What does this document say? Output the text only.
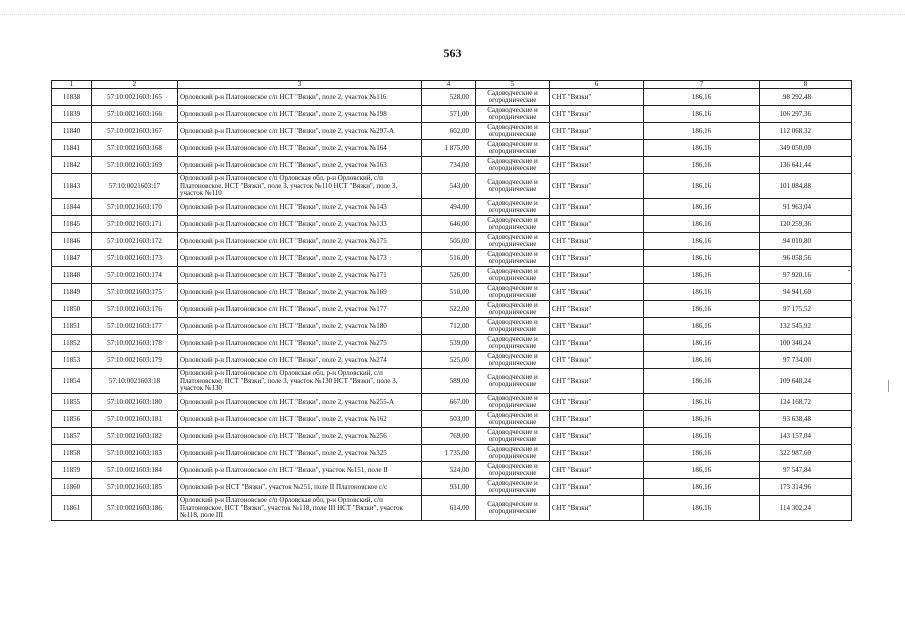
563
1	2	3	4	5	6	7	8
11838	57:10:0021603:165	Орловский р-н Платоновское с/п НСТ "Вязки", поле 2, участок №116	528,00	Садоводческие и огороднические	СНТ "Вязки"	186,16	98 292,48
11839	57:10:0021603:166	Орловский р-н Платоновское с/п НСТ "Вязки", поле 2, участок №198	571,00	Садоводческие и огороднические	СНТ "Вязки"	186,16	106 297,36
11840	57:10:0021603:167	Орловский р-н Платоновское с/п НСТ "Вязки", поле 2, участок №297-А	602,00	Садоводческие и огороднические	СНТ "Вязки"	186,16	112 068,32
11841	57:10:0021603:168	Орловский р-н Платоновское с/п НСТ "Вязки", поле 2, участок №164	1 875,00	Садоводческие и огороднические	СНТ "Вязки"	186,16	349 050,00
11842	57:10:0021603:169	Орловский р-н Платоновское с/п НСТ "Вязки", поле 2, участок №163	734,00	Садоводческие и огороднические	СНТ "Вязки"	186,16	136 641,44
11843	57:10:0021603:17	Орловский р-н Платоновское с/п Орловская обл, р-н Орловский, с/п Платоновское, НСТ "Вязки", поле 3, участок №110 НСТ "Вязки", поле 3, участок №110	543,00	Садоводческие и огороднические	СНТ "Вязки"	186,16	101 084,88
11844	57:10:0021603:170	Орловский р-н Платоновское с/п НСТ "Вязки", поле 2, участок №143	494,00	Садоводческие и огороднические	СНТ "Вязки"	186,16	91 963,04
11845	57:10:0021603:171	Орловский р-н Платоновское с/п НСТ "Вязки", поле 2, участок №133	646,00	Садоводческие и огороднические	СНТ "Вязки"	186,16	120 259,36
11846	57:10:0021603:172	Орловский р-н Платоновское с/п НСТ "Вязки", поле 2, участок №175	505,00	Садоводческие и огороднические	СНТ "Вязки"	186,16	94 010,80
11847	57:10:0021603:173	Орловский р-н Платоновское с/п НСТ "Вязки", поле 2, участок №173	516,00	Садоводческие и огороднические	СНТ "Вязки"	186,16	96 058,56
11848	57:10:0021603:174	Орловский р-н Платоновское с/п НСТ "Вязки", поле 2, участок №171	526,00	Садоводческие и огороднические	СНТ "Вязки"	186,16	97 920,16
11849	57:10:0021603:175	Орловский р-н Платоновское с/п НСТ "Вязки", поле 2, участок №169	510,00	Садоводческие и огороднические	СНТ "Вязки"	186,16	94 941,60
11850	57:10:0021603:176	Орловский р-н Платоновское с/п НСТ "Вязки", поле 2, участок №177	522,00	Садоводческие и огороднические	СНТ "Вязки"	186,16	97 175,52
11851	57:10:0021603:177	Орловский р-н Платоновское с/п НСТ "Вязки", поле 2, участок №180	712,00	Садоводческие и огороднические	СНТ "Вязки"	186,16	132 545,92
11852	57:10:0021603:178	Орловский р-н Платоновское с/п НСТ "Вязки", поле 2, участок №275	539,00	Садоводческие и огороднические	СНТ "Вязки"	186,16	100 340,24
11853	57:10:0021603:179	Орловский р-н Платоновское с/п НСТ "Вязки", поле 2, участок №274	525,00	Садоводческие и огороднические	СНТ "Вязки"	186,16	97 734,00
11854	57:10:0021603:18	Орловский р-н Платоновское с/п Орловская обл, р-н Орловский, с/п Платоновское, НСТ "Вязки", поле 3, участок №130 НСТ "Вязки", поле 3, участок №130	589,00	Садоводческие и огороднические	СНТ "Вязки"	186,16	109 648,24
11855	57:10:0021603:180	Орловский р-н Платоновское с/п НСТ "Вязки", поле 2, участок №255-А	667,00	Садоводческие и огороднические	СНТ "Вязки"	186,16	124 168,72
11856	57:10:0021603:181	Орловский р-н Платоновское с/п НСТ "Вязки", поле 2, участок №162	503,00	Садоводческие и огороднические	СНТ "Вязки"	186,16	93 638,48
11857	57:10:0021603:182	Орловский р-н Платоновское с/п НСТ "Вязки", поле 2, участок №256	769,00	Садоводческие и огороднические	СНТ "Вязки"	186,16	143 157,04
11858	57:10:0021603:183	Орловский р-н Платоновское с/п НСТ "Вязки", поле 2, участок №325	1 735,00	Садоводческие и огороднические	СНТ "Вязки"	186,16	322 987,60
11859	57:10:0021603:184	Орловский р-н Платоновское с/п НСТ "Вязки", участок №151, поле II	524,00	Садоводческие и огороднические	СНТ "Вязки"	186,16	97 547,84
11860	57:10:0021603:185	Орловский р-н НСТ "Вязки", участок №251, поле II Платоновское с/с	931,00	Садоводческие и огороднические	СНТ "Вязки"	186,16	173 314,96
11861	57:10:0021603:186	Орловский р-н Платоновское с/п Орловская обл, р-н Орловский, с/п Платоновское, НСТ "Вязки", участок №118, поле III НСТ "Вязки", участок №118, поле III	614,00	Садоводческие и огороднические	СНТ "Вязки"	186,16	114 302,24
